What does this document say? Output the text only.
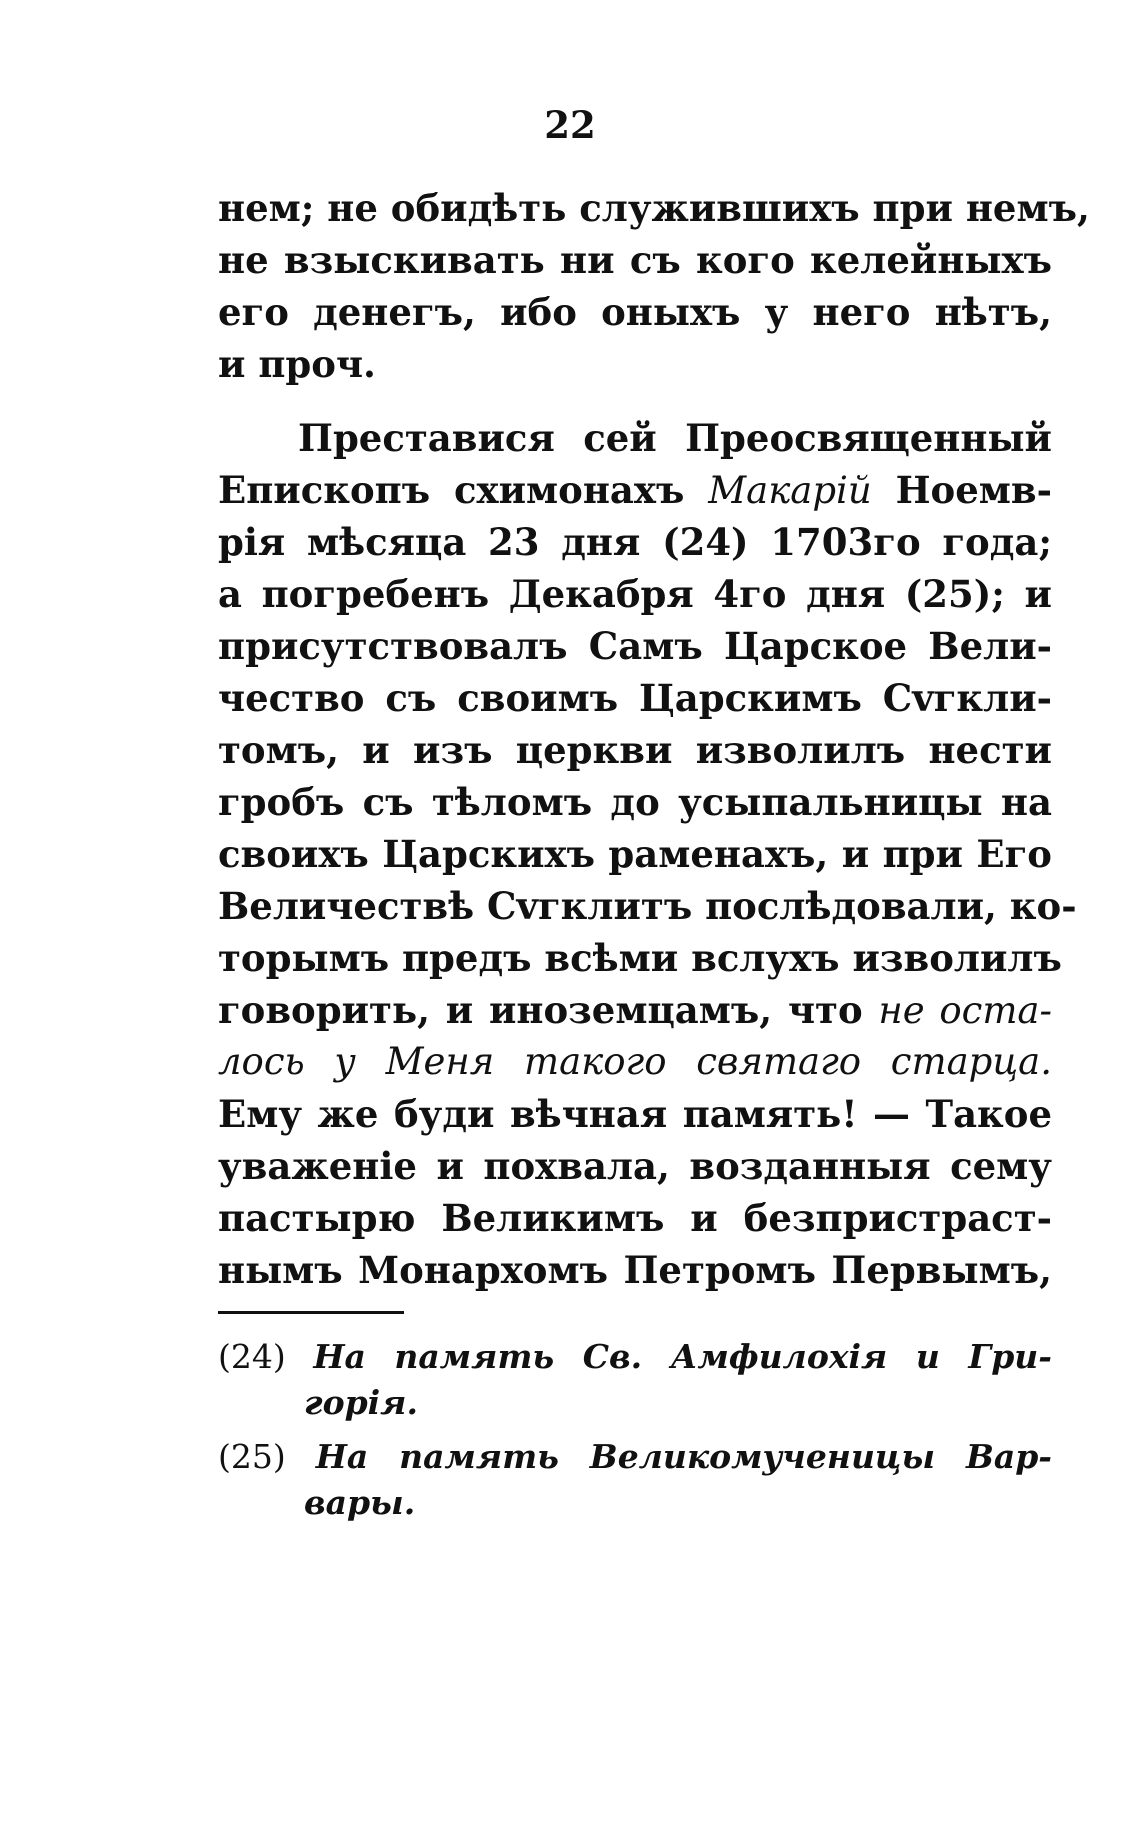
22
нем; не обидѣть служившихъ при немъ,
не взыскивать ни съ кого келейныхъ
его денегъ, ибо оныхъ у него нѣтъ,
и проч.
Преставися сей Преосвященный
Епископъ схимонахъ Макарій Ноемв-
рія мѣсяца 23 дня (24) 1703го года;
а погребенъ Декабря 4го дня (25); и
присутствовалъ Самъ Царское Вели-
чество съ своимъ Царскимъ Сvгкли-
томъ, и изъ церкви изволилъ нести
гробъ съ тѣломъ до усыпальницы на
своихъ Царскихъ раменахъ, и при Его
Величествѣ Сvгклитъ послѣдовали, ко-
торымъ предъ всѣми вслухъ изволилъ
говорить, и иноземцамъ, что не оста-
лось у Меня такого святаго старца.
Ему же буди вѣчная память! — Такое
уваженіе и похвала, возданныя сему
пастырю Великимъ и безпристраст-
нымъ Монархомъ Петромъ Первымъ,
(24) На память Св. Амфилохія и Гри-
горія.
(25) На память Великомученицы Вар-
вары.
